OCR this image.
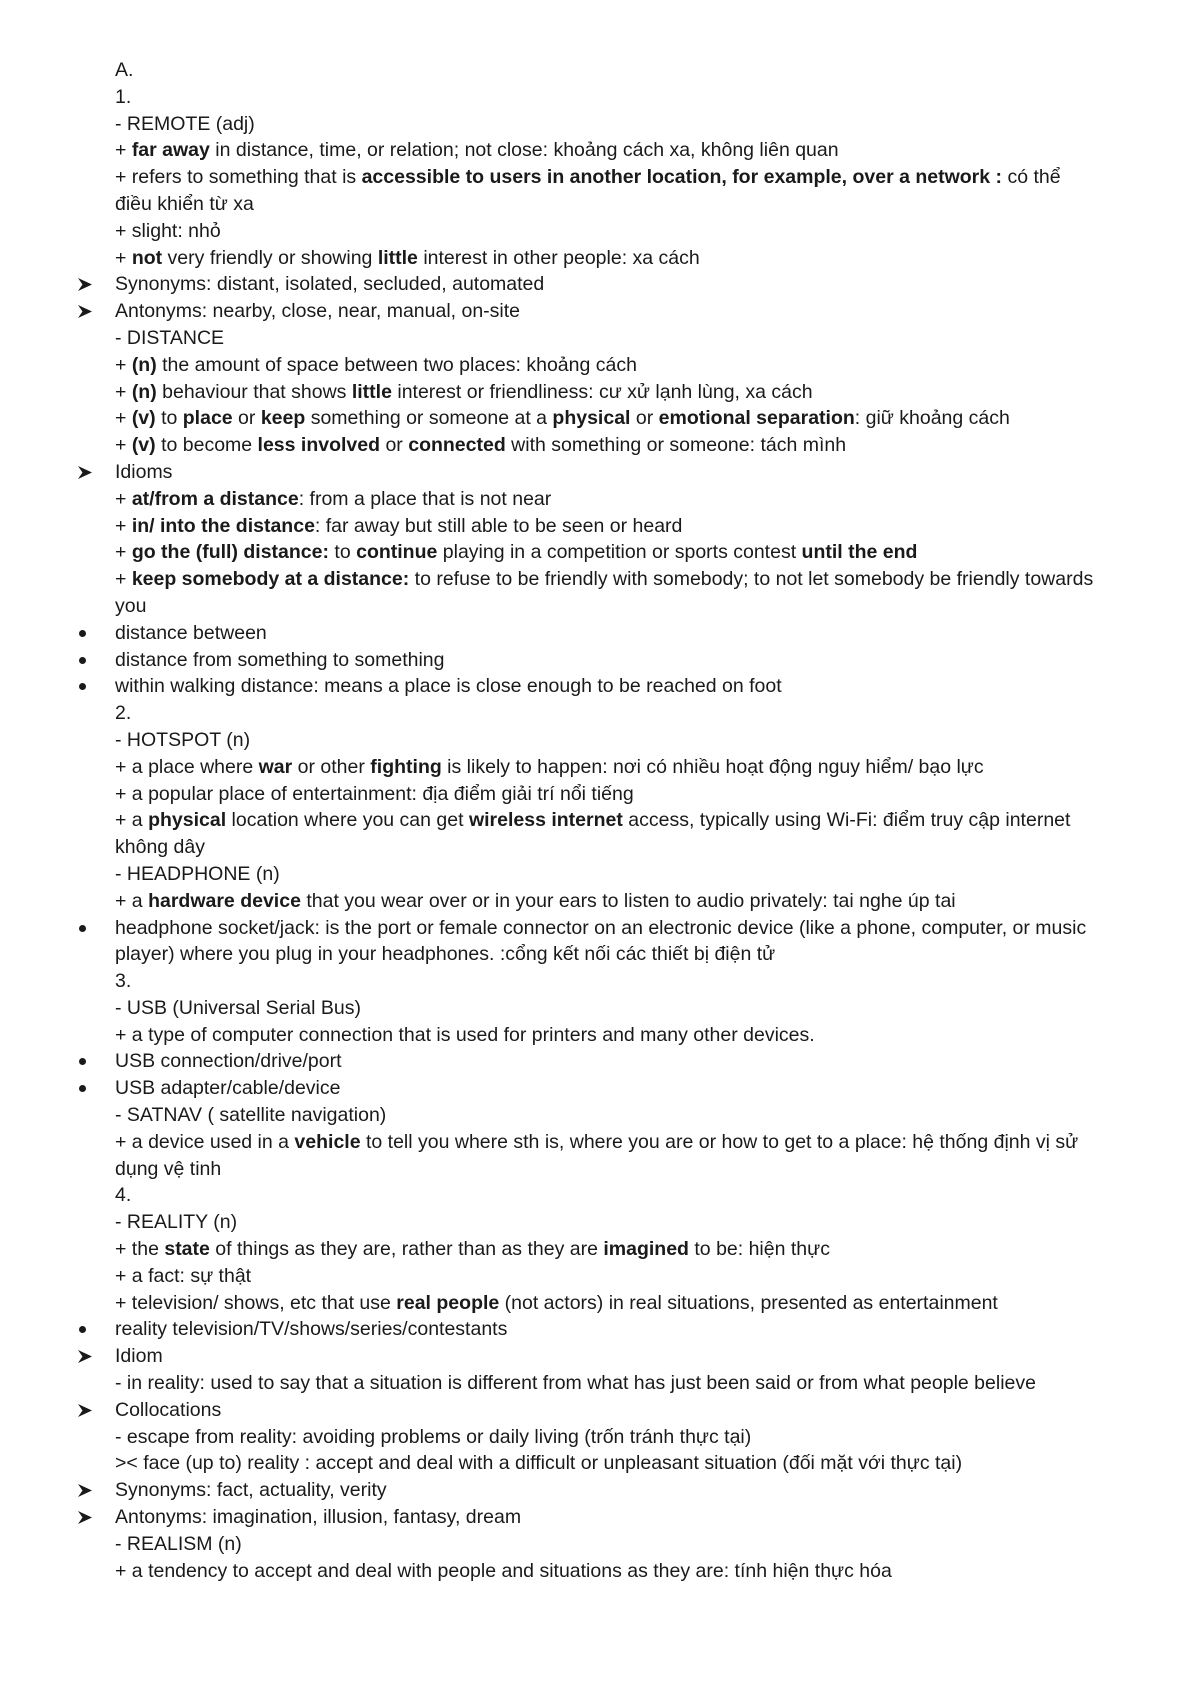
A.
1.
- REMOTE (adj)
+ far away in distance, time, or relation; not close: khoảng cách xa, không liên quan
+ refers to something that is accessible to users in another location, for example, over a network : có thể điều khiển từ xa
+ slight: nhỏ
+ not very friendly or showing little interest in other people: xa cách
Synonyms: distant, isolated, secluded, automated
Antonyms: nearby, close, near, manual, on-site
- DISTANCE
+ (n) the amount of space between two places: khoảng cách
+ (n) behaviour that shows little interest or friendliness: cư xử lạnh lùng, xa cách
+ (v) to place or keep something or someone at a physical or emotional separation: giữ khoảng cách
+ (v) to become less involved or connected with something or someone: tách mình
Idioms
+ at/from a distance: from a place that is not near
+ in/ into the distance: far away but still able to be seen or heard
+ go the (full) distance: to continue playing in a competition or sports contest until the end
+ keep somebody at a distance: to refuse to be friendly with somebody; to not let somebody be friendly towards you
distance between
distance from something to something
within walking distance: means a place is close enough to be reached on foot
2.
- HOTSPOT (n)
+ a place where war or other fighting is likely to happen: nơi có nhiều hoạt động nguy hiểm/ bạo lực
+ a popular place of entertainment: địa điểm giải trí nổi tiếng
+ a physical location where you can get wireless internet access, typically using Wi-Fi: điểm truy cập internet không dây
- HEADPHONE (n)
+ a hardware device that you wear over or in your ears to listen to audio privately: tai nghe úp tai
headphone socket/jack: is the port or female connector on an electronic device (like a phone, computer, or music player) where you plug in your headphones. :cổng kết nối các thiết bị điện tử
3.
- USB (Universal Serial Bus)
+ a type of computer connection that is used for printers and many other devices.
USB connection/drive/port
USB adapter/cable/device
- SATNAV ( satellite navigation)
+ a device used in a vehicle to tell you where sth is, where you are or how to get to a place: hệ thống định vị sử dụng vệ tinh
4.
- REALITY (n)
+ the state of things as they are, rather than as they are imagined to be: hiện thực
+ a fact: sự thật
+ television/ shows, etc that use real people (not actors) in real situations, presented as entertainment
reality television/TV/shows/series/contestants
Idiom
- in reality: used to say that a situation is different from what has just been said or from what people believe
Collocations
- escape from reality: avoiding problems or daily living (trốn tránh thực tại)
>< face (up to) reality : accept and deal with a difficult or unpleasant situation (đối mặt với thực tại)
Synonyms: fact, actuality, verity
Antonyms: imagination, illusion, fantasy, dream
- REALISM (n)
+ a tendency to accept and deal with people and situations as they are: tính hiện thực hóa
